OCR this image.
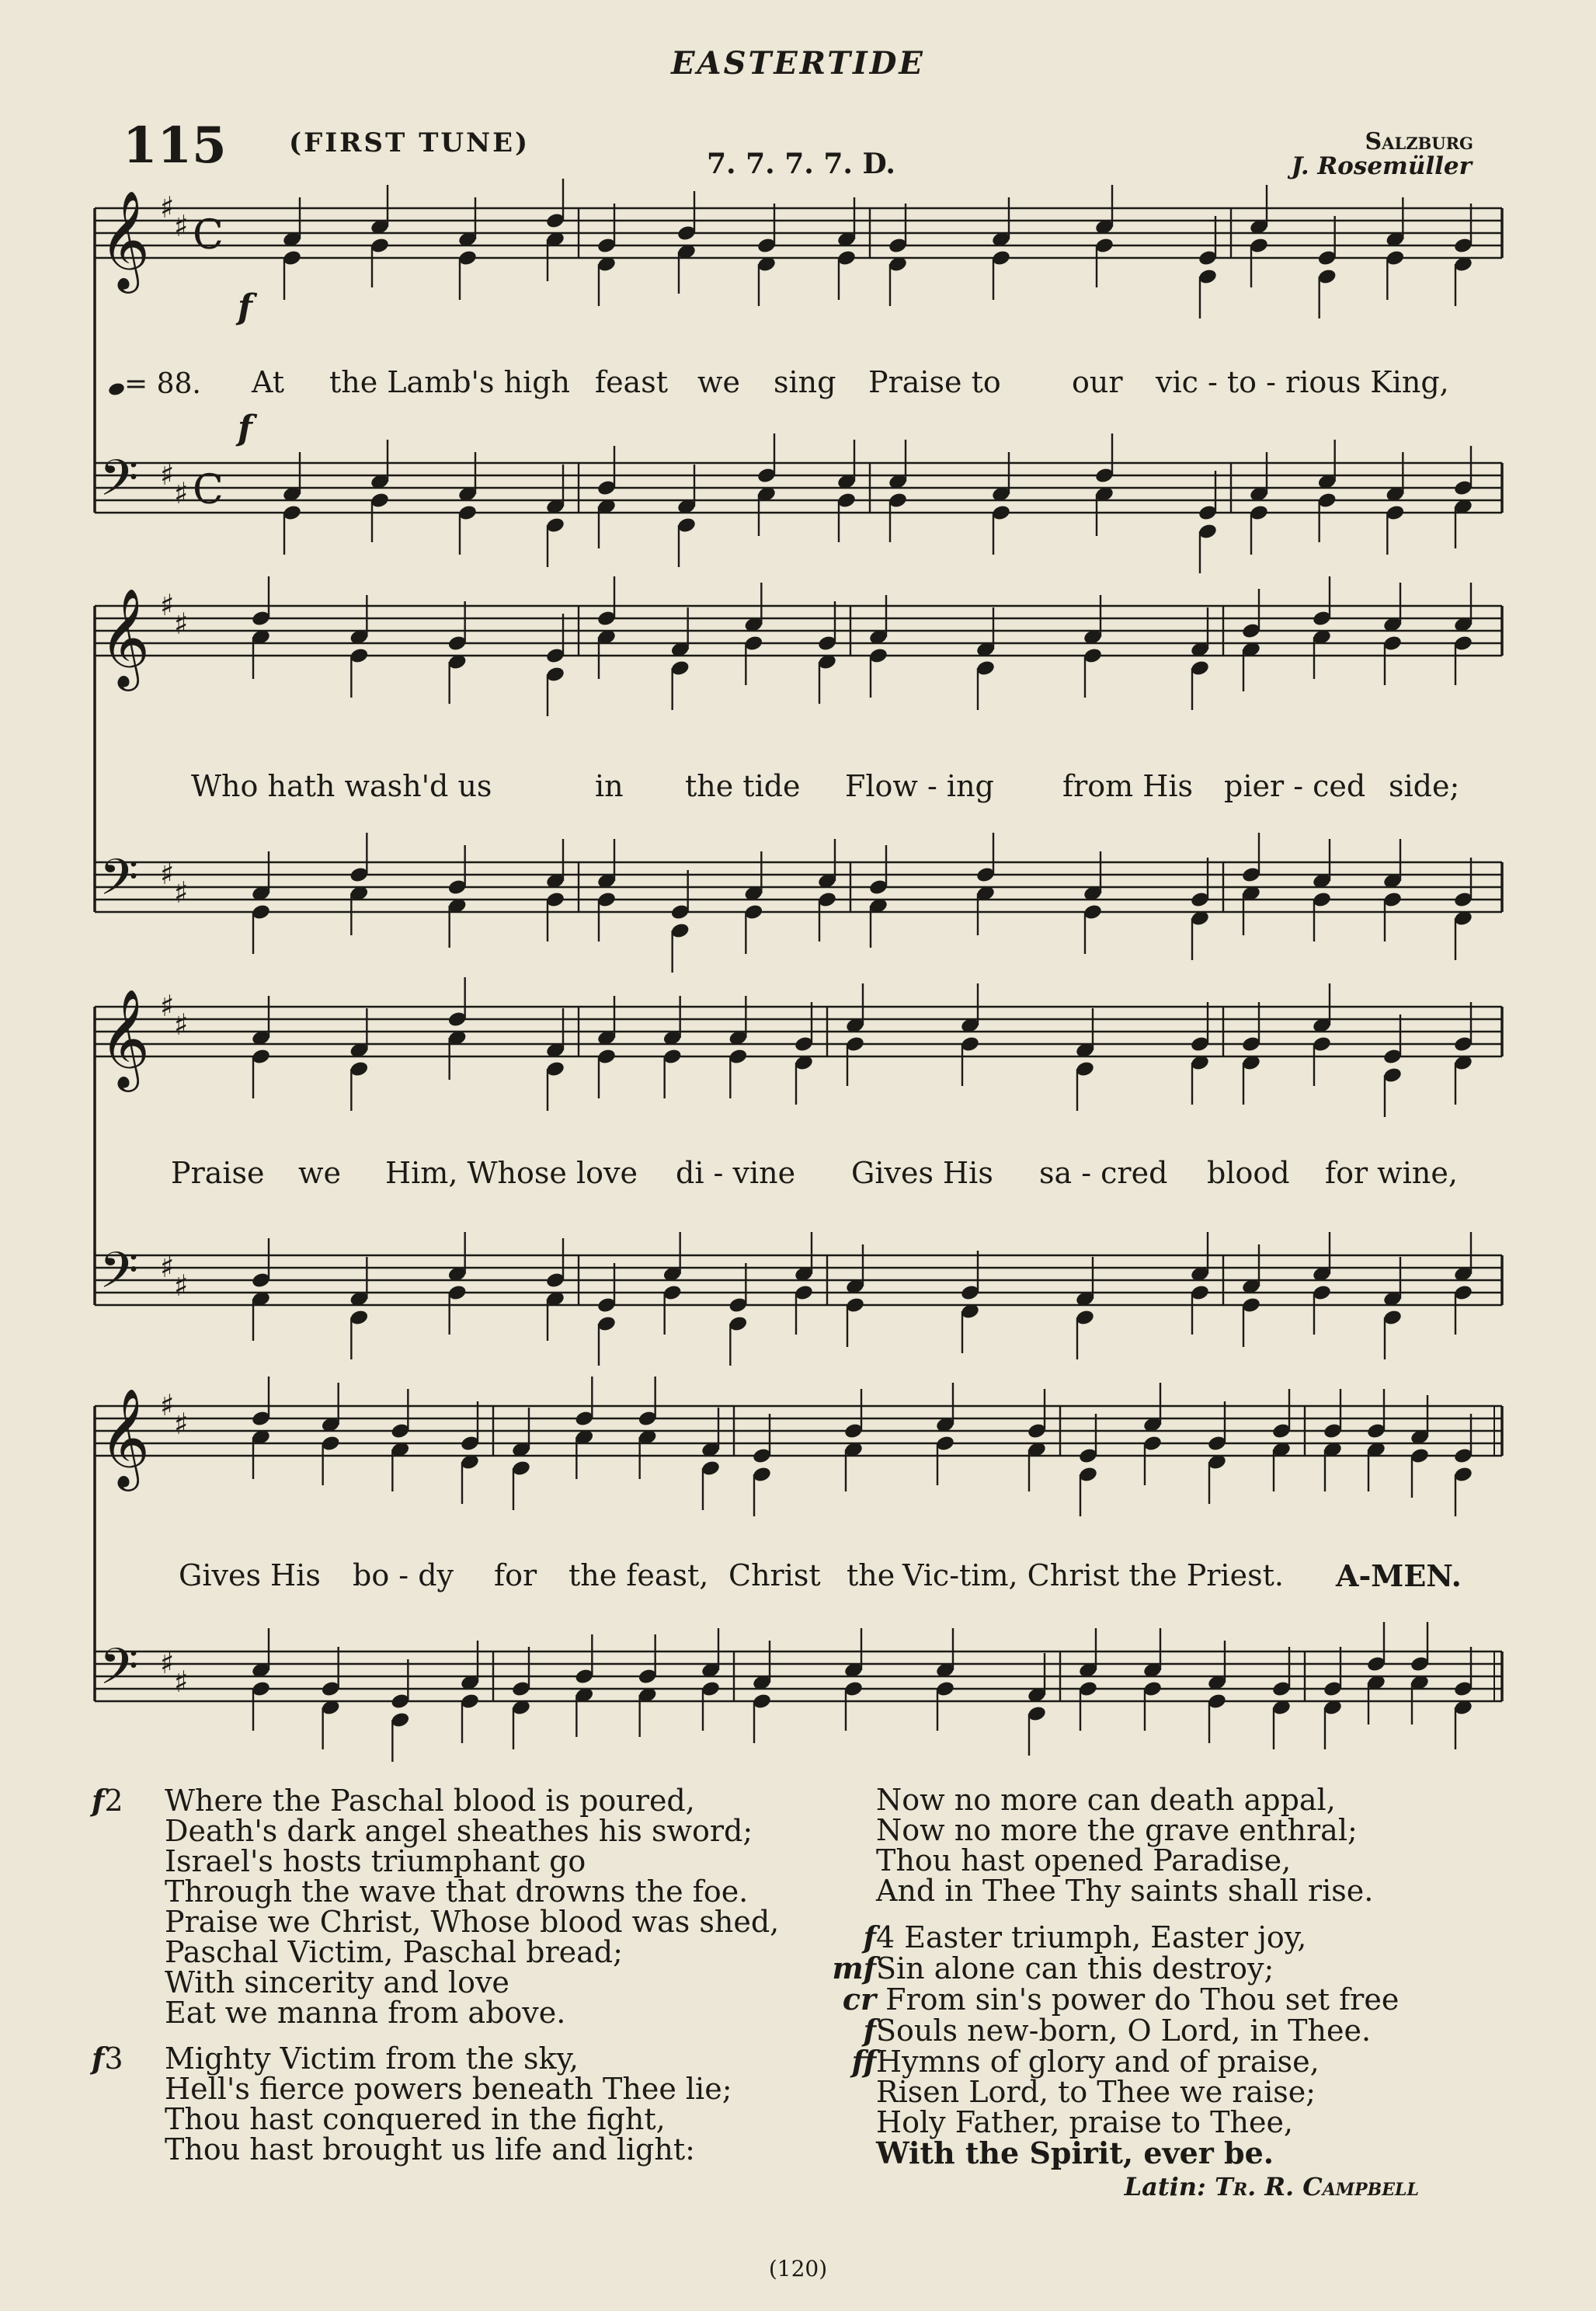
EASTERTIDE
115 (FIRST TUNE)
7. 7. 7. 7. D.
Salzburg
J. Rosemüller
𝄞
𝄢
♯
♯
♯
♯
C
C
𝄞
𝄢
♯
♯
♯
♯
𝄞
𝄢
♯
♯
♯
♯
𝄞
𝄢
♯
♯
♯
♯
= 88.
f
f
At the Lamb's high feast we sing Praise to our vic - to - rious King,
Who hath wash'd us	in the tide Flow - ing from His pier - ced side;
Praise we Him, Whose love di - vine Gives His sa - cred blood for wine,
Gives His bo - dy for the feast, Christ the Vic-tim, Christ the Priest. A-MEN.
f2 Where the Paschal blood is poured,
Death's dark angel sheathes his sword;
Israel's hosts triumphant go
Through the wave that drowns the foe.
Praise we Christ, Whose blood was shed,
Paschal Victim, Paschal bread;
With sincerity and love
Eat we manna from above.
f3 Mighty Victim from the sky,
Hell's fierce powers beneath Thee lie;
Thou hast conquered in the fight,
Thou hast brought us life and light:
Now no more can death appal,
Now no more the grave enthral;
Thou hast opened Paradise,
And in Thee Thy saints shall rise.
f4 Easter triumph, Easter joy,
mfSin alone can this destroy;
cr From sin's power do Thou set free
fSouls new-born, O Lord, in Thee.
ffHymns of glory and of praise,
Risen Lord, to Thee we raise;
Holy Father, praise to Thee,
With the Spirit, ever be.
Latin: Tr. R. Campbell
(120)
